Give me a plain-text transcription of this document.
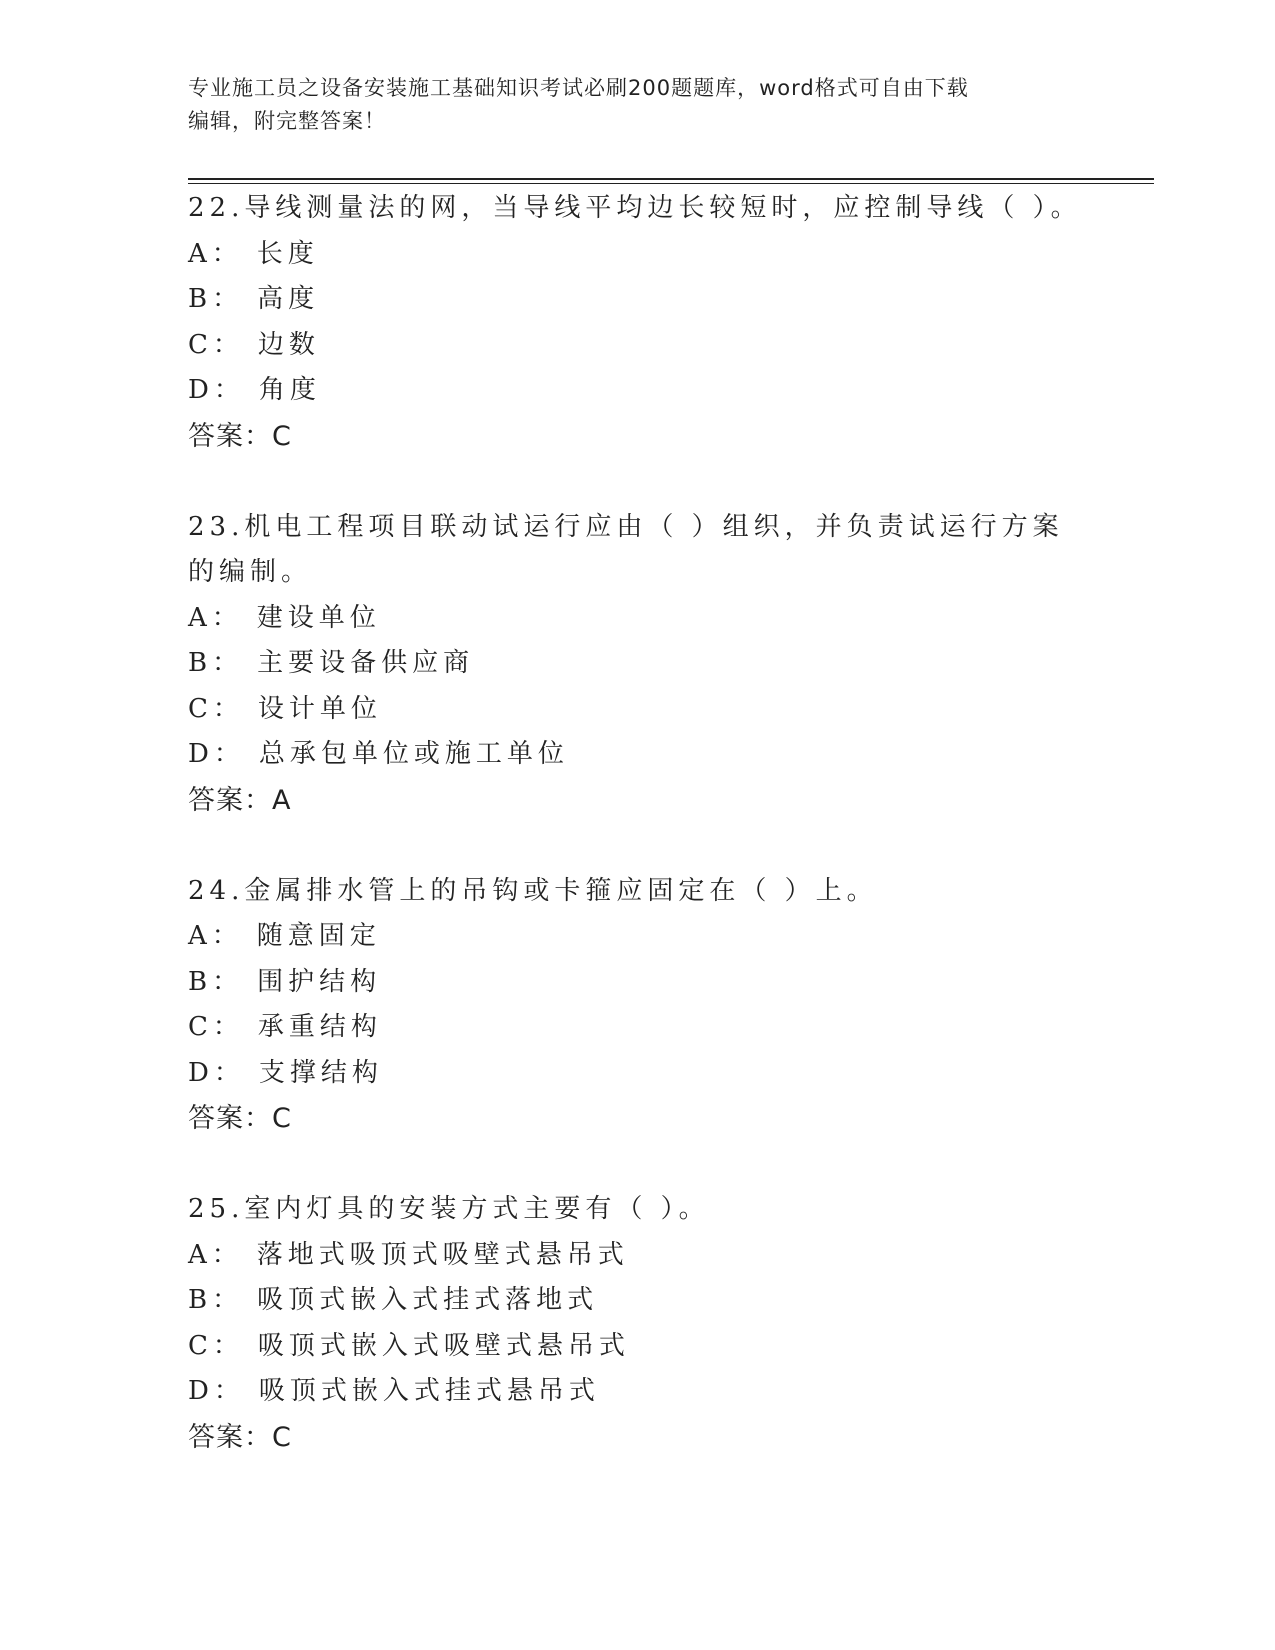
专业施工员之设备安装施工基础知识考试必刷200题题库，word格式可自由下载
编辑，附完整答案！
22.导线测量法的网，当导线平均边长较短时，应控制导线（ ）。
A： 长度
B： 高度
C： 边数
D： 角度
答案：C
23.机电工程项目联动试运行应由（ ）组织，并负责试运行方案的编制。
A： 建设单位
B： 主要设备供应商
C： 设计单位
D： 总承包单位或施工单位
答案：A
24.金属排水管上的吊钩或卡箍应固定在（ ）上。
A： 随意固定
B： 围护结构
C： 承重结构
D： 支撑结构
答案：C
25.室内灯具的安装方式主要有（ ）。
A： 落地式吸顶式吸壁式悬吊式
B： 吸顶式嵌入式挂式落地式
C： 吸顶式嵌入式吸壁式悬吊式
D： 吸顶式嵌入式挂式悬吊式
答案：C
